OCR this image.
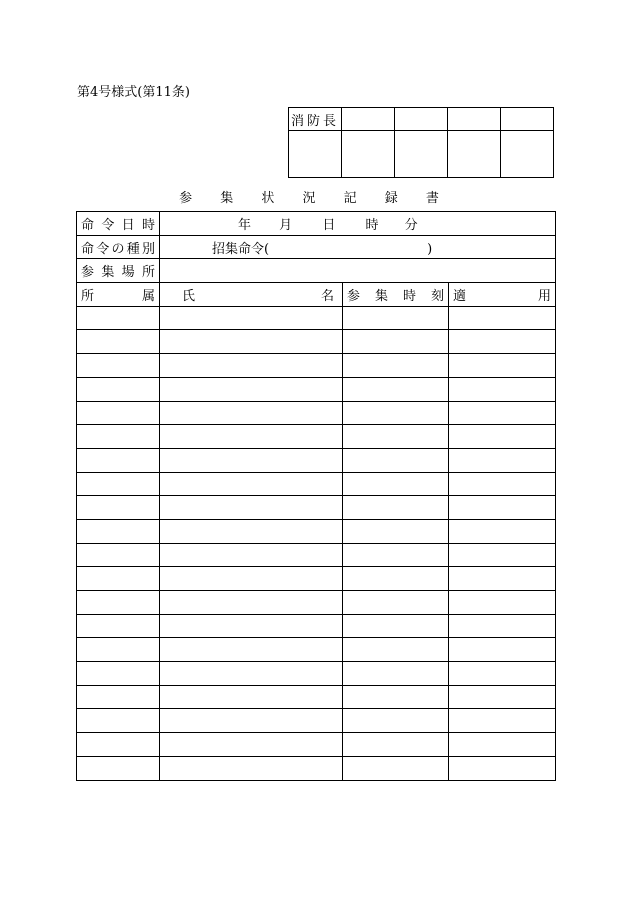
第4号様式(第11条)
消防長				

参 集 状 況 記 録 書
命 令 日 時	年 月 日 時 分		

命 令 の 種 別	招集命令( )		

参 集 場 所			

所 属	氏 名	参 集 時 刻	適 用
